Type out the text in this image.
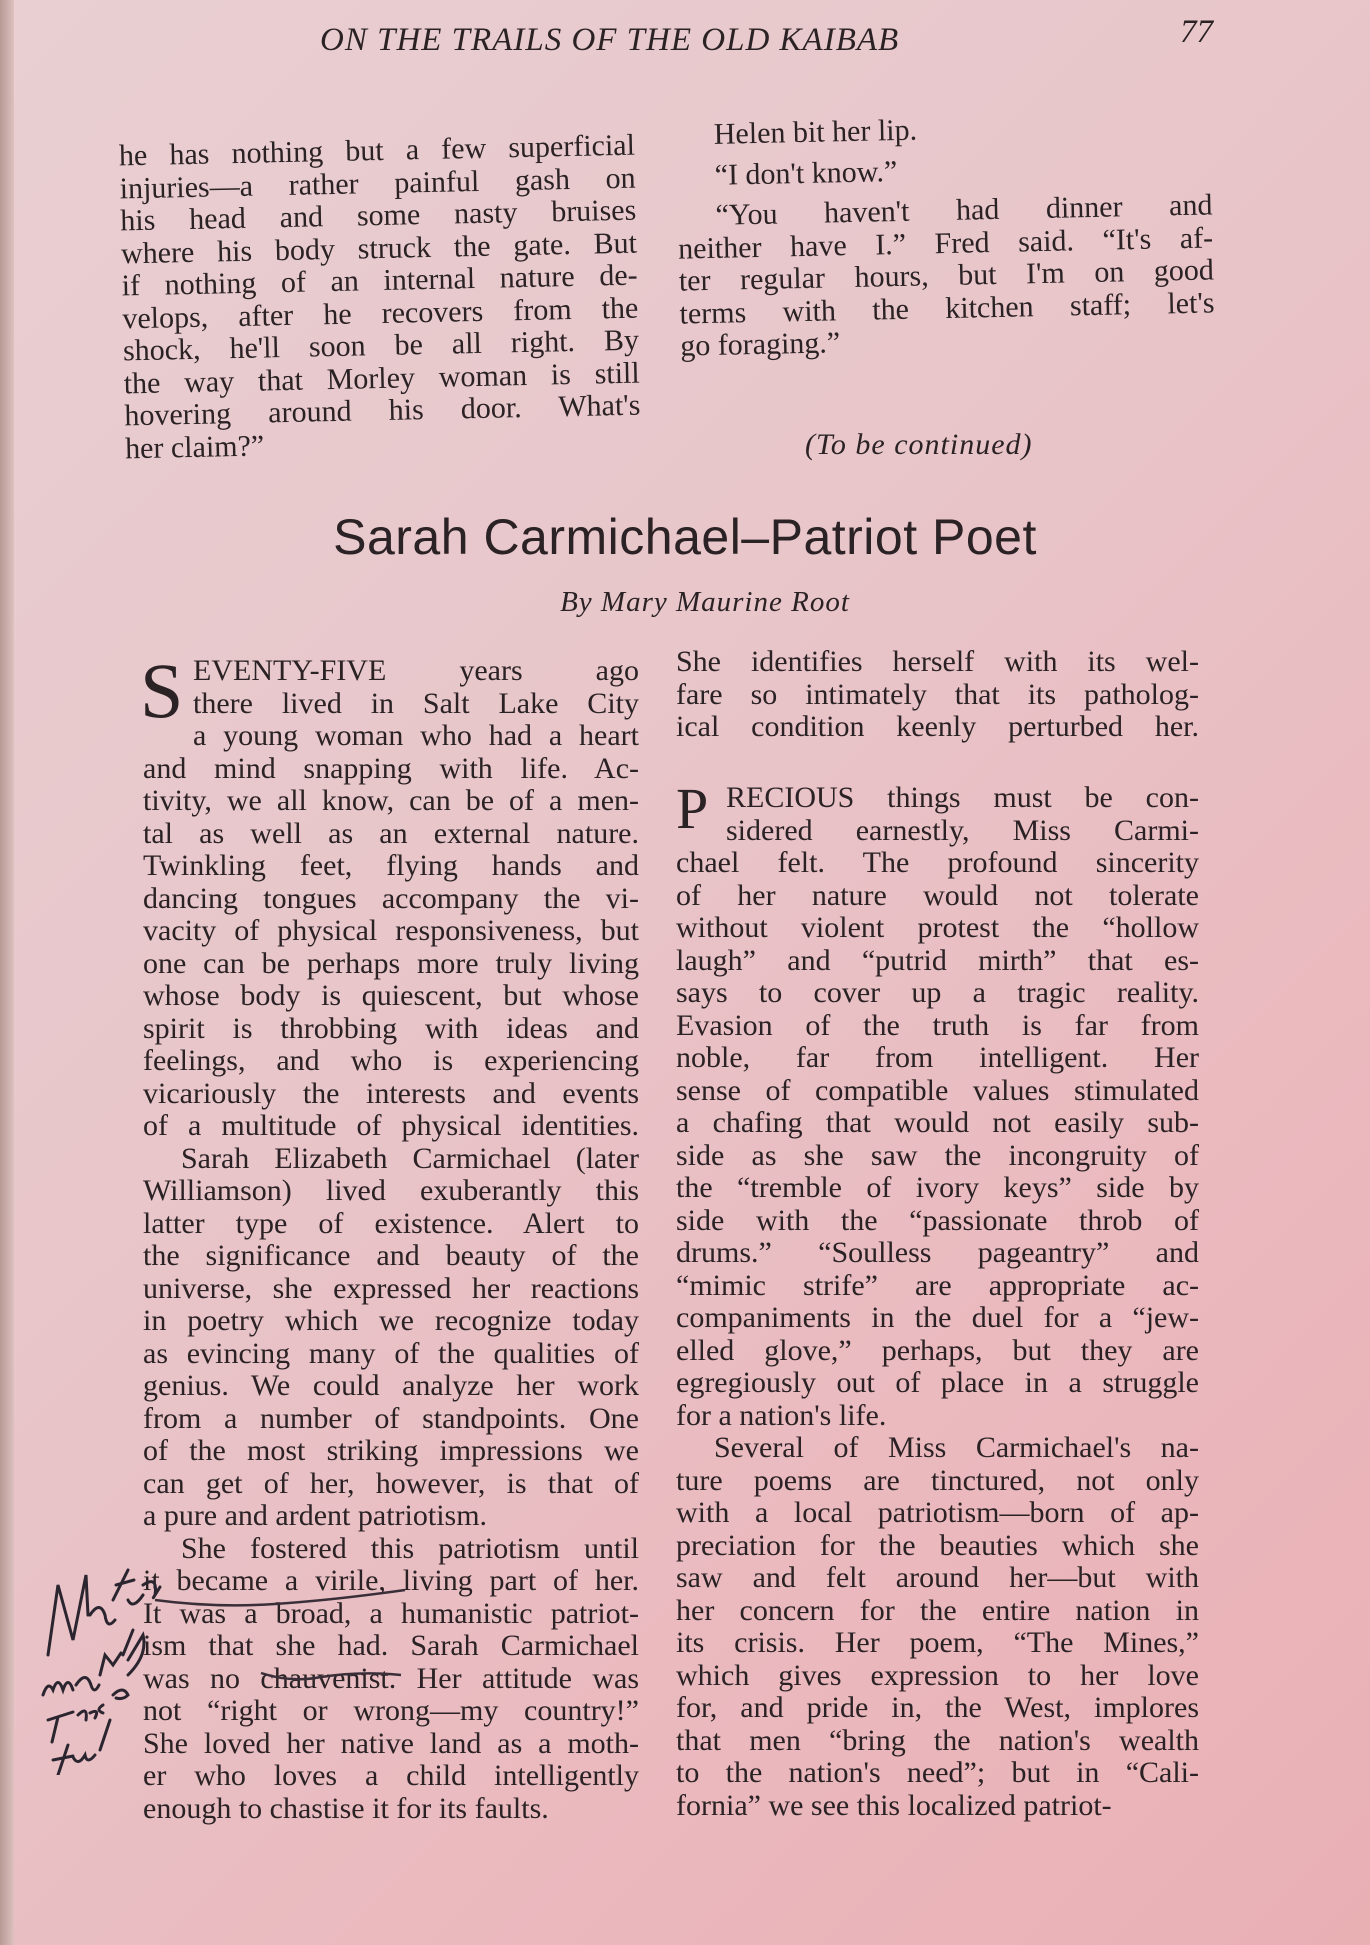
ON THE TRAILS OF THE OLD KAIBAB	77
he has nothing but a few superficial
injuries—a rather painful gash on
his head and some nasty bruises
where his body struck the gate. But
if nothing of an internal nature de-
velops, after he recovers from the
shock, he'll soon be all right. By
the way that Morley woman is still
hovering around his door. What's
her claim?”
Helen bit her lip.
“I don't know.”
“You haven't had dinner and
neither have I.” Fred said. “It's af-
ter regular hours, but I'm on good
terms with the kitchen staff; let's
go foraging.”
(To be continued)
Sarah Carmichael–Patriot Poet
By Mary Maurine Root
S EVENTY-FIVE years ago
there lived in Salt Lake City
a young woman who had a heart
and mind snapping with life. Ac-
tivity, we all know, can be of a men-
tal as well as an external nature.
Twinkling feet, flying hands and
dancing tongues accompany the vi-
vacity of physical responsiveness, but
one can be perhaps more truly living
whose body is quiescent, but whose
spirit is throbbing with ideas and
feelings, and who is experiencing
vicariously the interests and events
of a multitude of physical identities.
Sarah Elizabeth Carmichael (later
Williamson) lived exuberantly this
latter type of existence. Alert to
the significance and beauty of the
universe, she expressed her reactions
in poetry which we recognize today
as evincing many of the qualities of
genius. We could analyze her work
from a number of standpoints. One
of the most striking impressions we
can get of her, however, is that of
a pure and ardent patriotism.
She fostered this patriotism until
it became a virile, living part of her.
It was a broad, a humanistic patriot-
ism that she had. Sarah Carmichael
was no chauvenist. Her attitude was
not “right or wrong—my country!”
She loved her native land as a moth-
er who loves a child intelligently
enough to chastise it for its faults.
She identifies herself with its wel-
fare so intimately that its patholog-
ical condition keenly perturbed her.
P RECIOUS things must be con-
sidered earnestly, Miss Carmi-
chael felt. The profound sincerity
of her nature would not tolerate
without violent protest the “hollow
laugh” and “putrid mirth” that es-
says to cover up a tragic reality.
Evasion of the truth is far from
noble, far from intelligent. Her
sense of compatible values stimulated
a chafing that would not easily sub-
side as she saw the incongruity of
the “tremble of ivory keys” side by
side with the “passionate throb of
drums.” “Soulless pageantry” and
“mimic strife” are appropriate ac-
companiments in the duel for a “jew-
elled glove,” perhaps, but they are
egregiously out of place in a struggle
for a nation's life.
Several of Miss Carmichael's na-
ture poems are tinctured, not only
with a local patriotism—born of ap-
preciation for the beauties which she
saw and felt around her—but with
her concern for the entire nation in
its crisis. Her poem, “The Mines,”
which gives expression to her love
for, and pride in, the West, implores
that men “bring the nation's wealth
to the nation's need”; but in “Cali-
fornia” we see this localized patriot-
